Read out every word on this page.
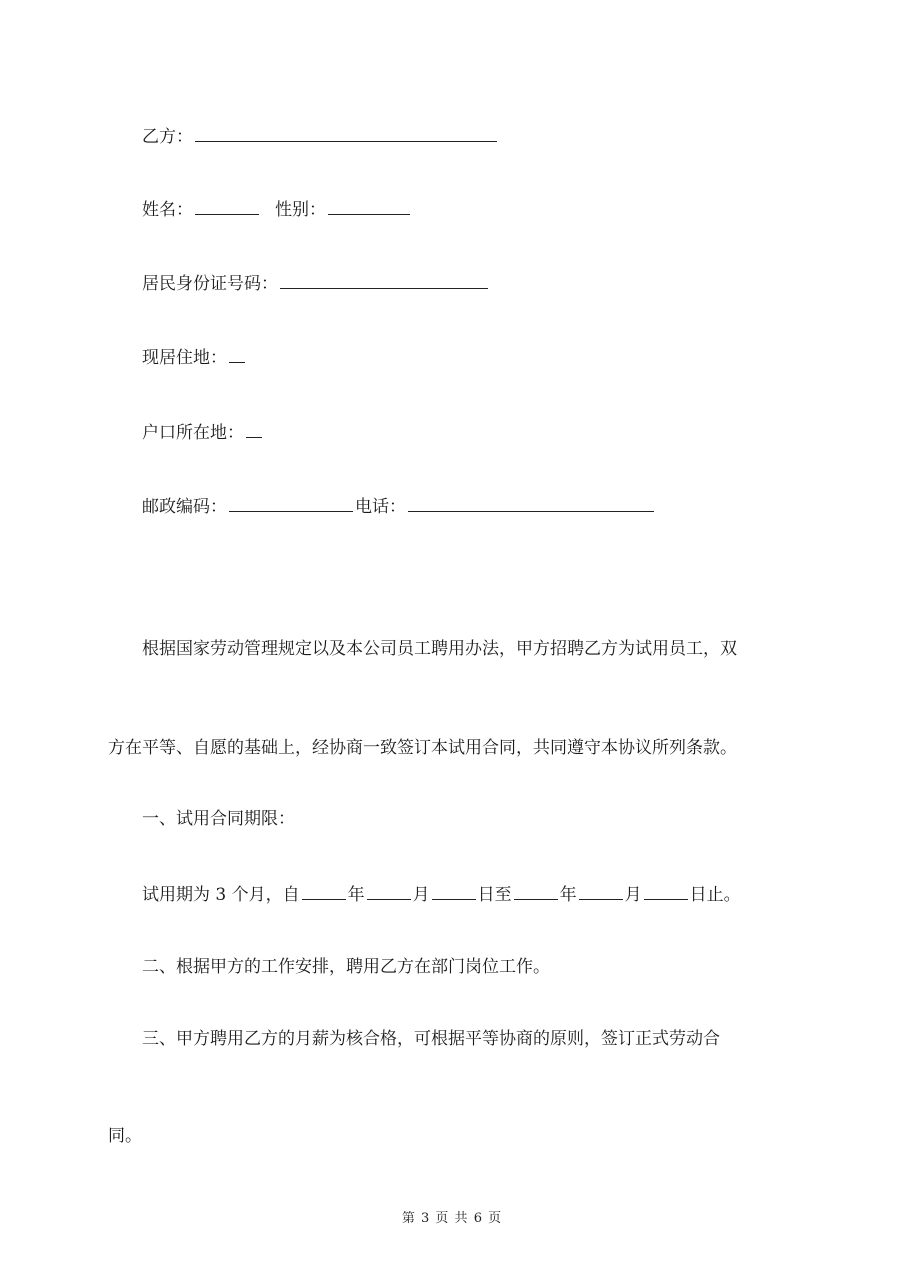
乙方：
姓名：	性别：
居民身份证号码：
现居住地：
户口所在地：
邮政编码：	电话：
根据国家劳动管理规定以及本公司员工聘用办法，甲方招聘乙方为试用员工，双
方在平等、自愿的基础上，经协商一致签订本试用合同，共同遵守本协议所列条款。
一、试用合同期限：
试用期为 3 个月，自	年	月	日至	年	月	日止。
二、根据甲方的工作安排，聘用乙方在部门岗位工作。
三、甲方聘用乙方的月薪为核合格，可根据平等协商的原则，签订正式劳动合
同。
第 3 页 共 6 页
